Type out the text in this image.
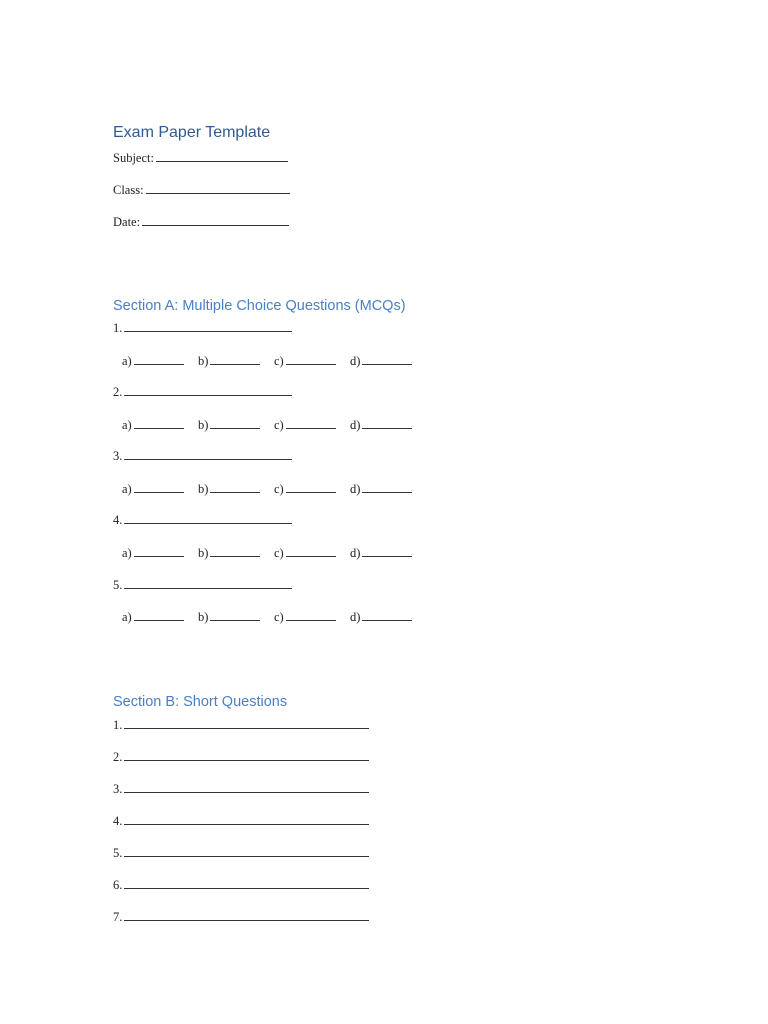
Exam Paper Template
Subject:
Class:
Date:
Section A: Multiple Choice Questions (MCQs)
1.
a)	b)	c)	d)
2.
a)	b)	c)	d)
3.
a)	b)	c)	d)
4.
a)	b)	c)	d)
5.
a)	b)	c)	d)
Section B: Short Questions
1.
2.
3.
4.
5.
6.
7.
